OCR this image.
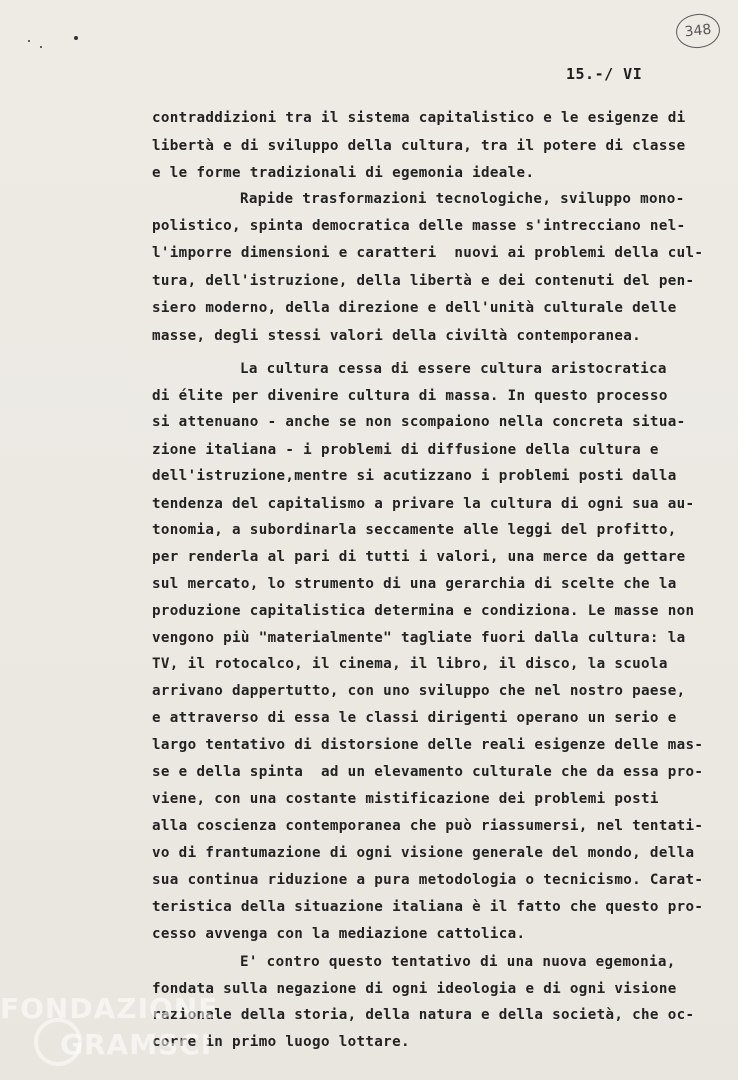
348
15.-/ VI
contraddizioni tra il sistema capitalistico e le esigenze di
libertà e di sviluppo della cultura, tra il potere di classe
e le forme tradizionali di egemonia ideale.
Rapide trasformazioni tecnologiche, sviluppo mono-
polistico, spinta democratica delle masse s'intrecciano nel-
l'imporre dimensioni e caratteri  nuovi ai problemi della cul-
tura, dell'istruzione, della libertà e dei contenuti del pen-
siero moderno, della direzione e dell'unità culturale delle
masse, degli stessi valori della civiltà contemporanea.
La cultura cessa di essere cultura aristocratica
di élite per divenire cultura di massa. In questo processo
si attenuano - anche se non scompaiono nella concreta situa-
zione italiana - i problemi di diffusione della cultura e
dell'istruzione,mentre si acutizzano i problemi posti dalla
tendenza del capitalismo a privare la cultura di ogni sua au-
tonomia, a subordinarla seccamente alle leggi del profitto,
per renderla al pari di tutti i valori, una merce da gettare
sul mercato, lo strumento di una gerarchia di scelte che la
produzione capitalistica determina e condiziona. Le masse non
vengono più "materialmente" tagliate fuori dalla cultura: la
TV, il rotocalco, il cinema, il libro, il disco, la scuola
arrivano dappertutto, con uno sviluppo che nel nostro paese,
e attraverso di essa le classi dirigenti operano un serio e
largo tentativo di distorsione delle reali esigenze delle mas-
se e della spinta  ad un elevamento culturale che da essa pro-
viene, con una costante mistificazione dei problemi posti
alla coscienza contemporanea che può riassumersi, nel tentati-
vo di frantumazione di ogni visione generale del mondo, della
sua continua riduzione a pura metodologia o tecnicismo. Carat-
teristica della situazione italiana è il fatto che questo pro-
cesso avvenga con la mediazione cattolica.
E' contro questo tentativo di una nuova egemonia,
fondata sulla negazione di ogni ideologia e di ogni visione
razionale della storia, della natura e della società, che oc-
corre in primo luogo lottare.
FONDAZIONE
GRAMSCI
